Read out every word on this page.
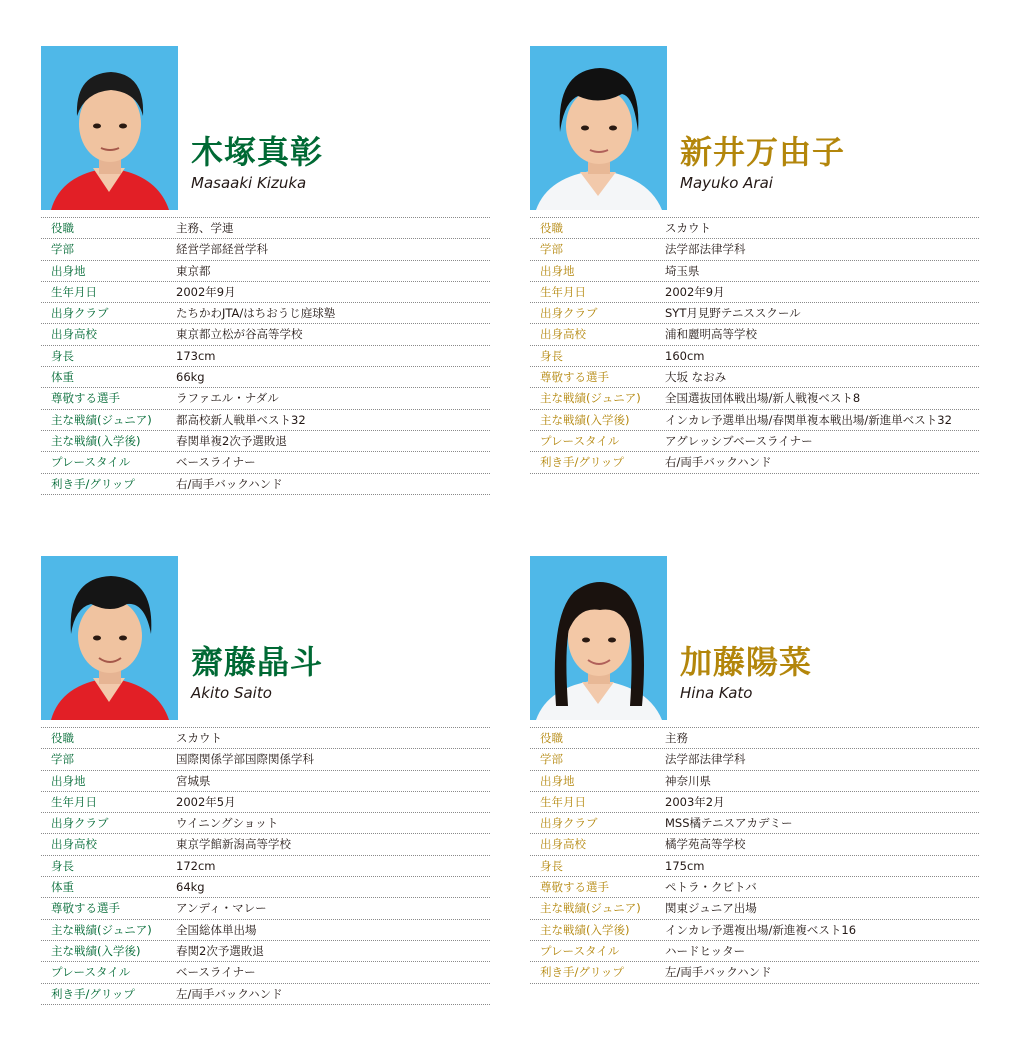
木塚真彰
Masaaki Kizuka
役職	主務、学連
学部	経営学部経営学科
出身地	東京都
生年月日	2002年9月
出身クラブ	たちかわJTA/はちおうじ庭球塾
出身高校	東京都立松が谷高等学校
身長	173cm
体重	66kg
尊敬する選手	ラファエル・ナダル
主な戦績(ジュニア) 都高校新人戦単ベスト32
主な戦績(入学後)	春関単複2次予選敗退
プレースタイル	ベースライナー
利き手/グリップ	右/両手バックハンド
新井万由子
Mayuko Arai
役職	スカウト
学部	法学部法律学科
出身地	埼玉県
生年月日	2002年9月
出身クラブ	SYT月見野テニススクール
出身高校	浦和麗明高等学校
身長	160cm
尊敬する選手	大坂 なおみ
主な戦績(ジュニア) 全国選抜団体戦出場/新人戦複ベスト8
主な戦績(入学後)	インカレ予選単出場/春関単複本戦出場/新進単ベスト32
プレースタイル	アグレッシブベースライナー
利き手/グリップ	右/両手バックハンド
齋藤晶斗
Akito Saito
役職	スカウト
学部	国際関係学部国際関係学科
出身地	宮城県
生年月日	2002年5月
出身クラブ	ウイニングショット
出身高校	東京学館新潟高等学校
身長	172cm
体重	64kg
尊敬する選手	アンディ・マレー
主な戦績(ジュニア) 全国総体単出場
主な戦績(入学後)	春関2次予選敗退
プレースタイル	ベースライナー
利き手/グリップ	左/両手バックハンド
加藤陽菜
Hina Kato
役職	主務
学部	法学部法律学科
出身地	神奈川県
生年月日	2003年2月
出身クラブ	MSS橘テニスアカデミー
出身高校	橘学苑高等学校
身長	175cm
尊敬する選手	ペトラ・クビトバ
主な戦績(ジュニア) 関東ジュニア出場
主な戦績(入学後)	インカレ予選複出場/新進複ベスト16
プレースタイル	ハードヒッター
利き手/グリップ	左/両手バックハンド
